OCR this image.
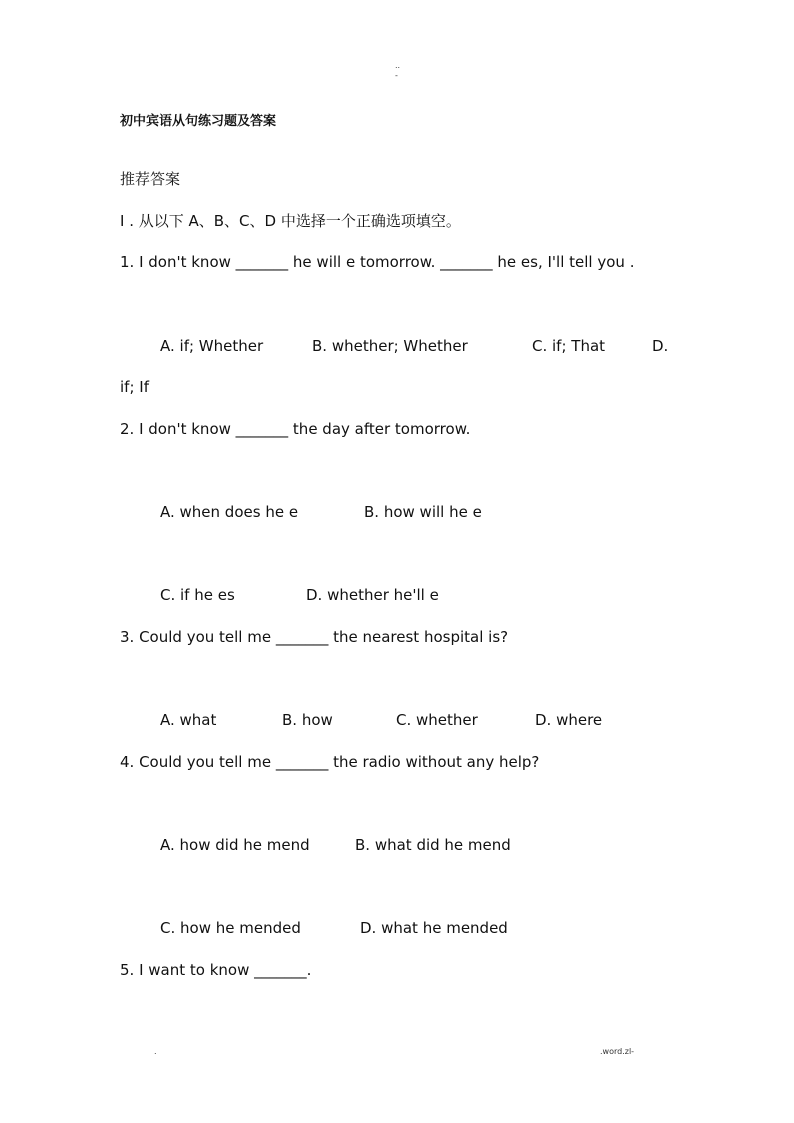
..
-
初中宾语从句练习题及答案
推荐答案
I . 从以下 A、B、C、D 中选择一个正确选项填空。
1. I don't know _______ he will e tomorrow. _______ he es, I'll tell you .
A. if; Whether	B. whether; Whether	C. if; That	D.
if; If
2. I don't know _______ the day after tomorrow.
A. when does he e	B. how will he e
C. if he es	D. whether he'll e
3. Could you tell me _______ the nearest hospital is?
A. what	B. how	C. whether	D. where
4. Could you tell me _______ the radio without any help?
A. how did he mend	B. what did he mend
C. how he mended	D. what he mended
5. I want to know _______.
.	.word.zl-
